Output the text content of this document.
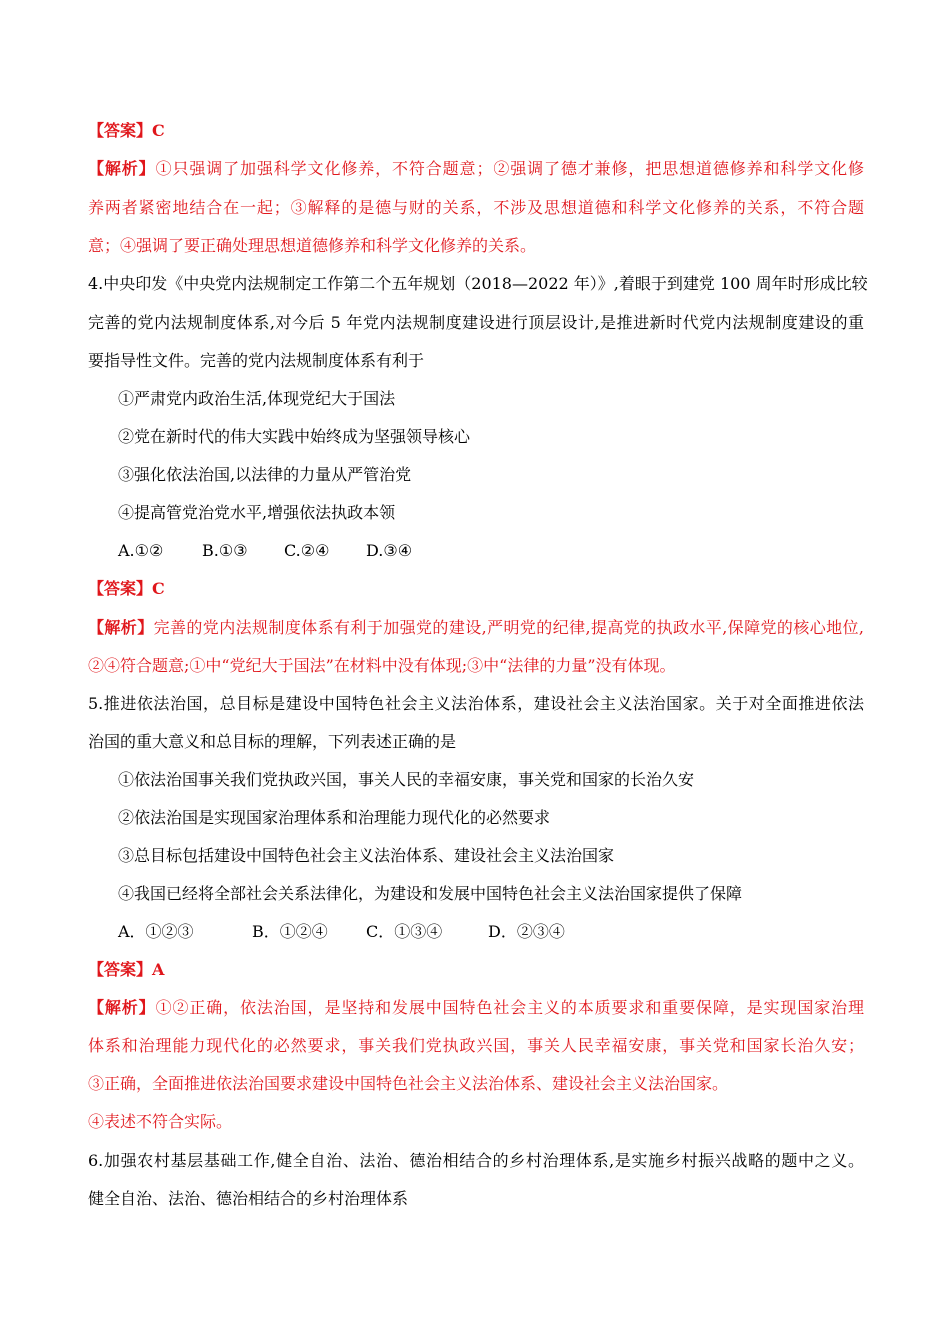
【答案】C
【解析】①只强调了加强科学文化修养，不符合题意；②强调了德才兼修，把思想道德修养和科学文化修
养两者紧密地结合在一起；③解释的是德与财的关系，不涉及思想道德和科学文化修养的关系，不符合题
意；④强调了要正确处理思想道德修养和科学文化修养的关系。
4.中央印发《中央党内法规制定工作第二个五年规划（2018—2022 年）》,着眼于到建党 100 周年时形成比较
完善的党内法规制度体系,对今后 5 年党内法规制度建设进行顶层设计,是推进新时代党内法规制度建设的重
要指导性文件。完善的党内法规制度体系有利于
①严肃党内政治生活,体现党纪大于国法
②党在新时代的伟大实践中始终成为坚强领导核心
③强化依法治国,以法律的力量从严管治党
④提高管党治党水平,增强依法执政本领
A.①② B.①③ C.②④ D.③④
【答案】C
【解析】完善的党内法规制度体系有利于加强党的建设,严明党的纪律,提高党的执政水平,保障党的核心地位,
②④符合题意;①中“党纪大于国法”在材料中没有体现;③中“法律的力量”没有体现。
5.推进依法治国，总目标是建设中国特色社会主义法治体系，建设社会主义法治国家。关于对全面推进依法
治国的重大意义和总目标的理解，下列表述正确的是
①依法治国事关我们党执政兴国，事关人民的幸福安康，事关党和国家的长治久安
②依法治国是实现国家治理体系和治理能力现代化的必然要求
③总目标包括建设中国特色社会主义法治体系、建设社会主义法治国家
④我国已经将全部社会关系法律化，为建设和发展中国特色社会主义法治国家提供了保障
A．①②③	B．①②④ C．①③④	D．②③④
【答案】A
【解析】①②正确，依法治国，是坚持和发展中国特色社会主义的本质要求和重要保障，是实现国家治理
体系和治理能力现代化的必然要求，事关我们党执政兴国，事关人民幸福安康，事关党和国家长治久安；
③正确，全面推进依法治国要求建设中国特色社会主义法治体系、建设社会主义法治国家。
④表述不符合实际。
6.加强农村基层基础工作,健全自治、法治、德治相结合的乡村治理体系,是实施乡村振兴战略的题中之义。
健全自治、法治、德治相结合的乡村治理体系
